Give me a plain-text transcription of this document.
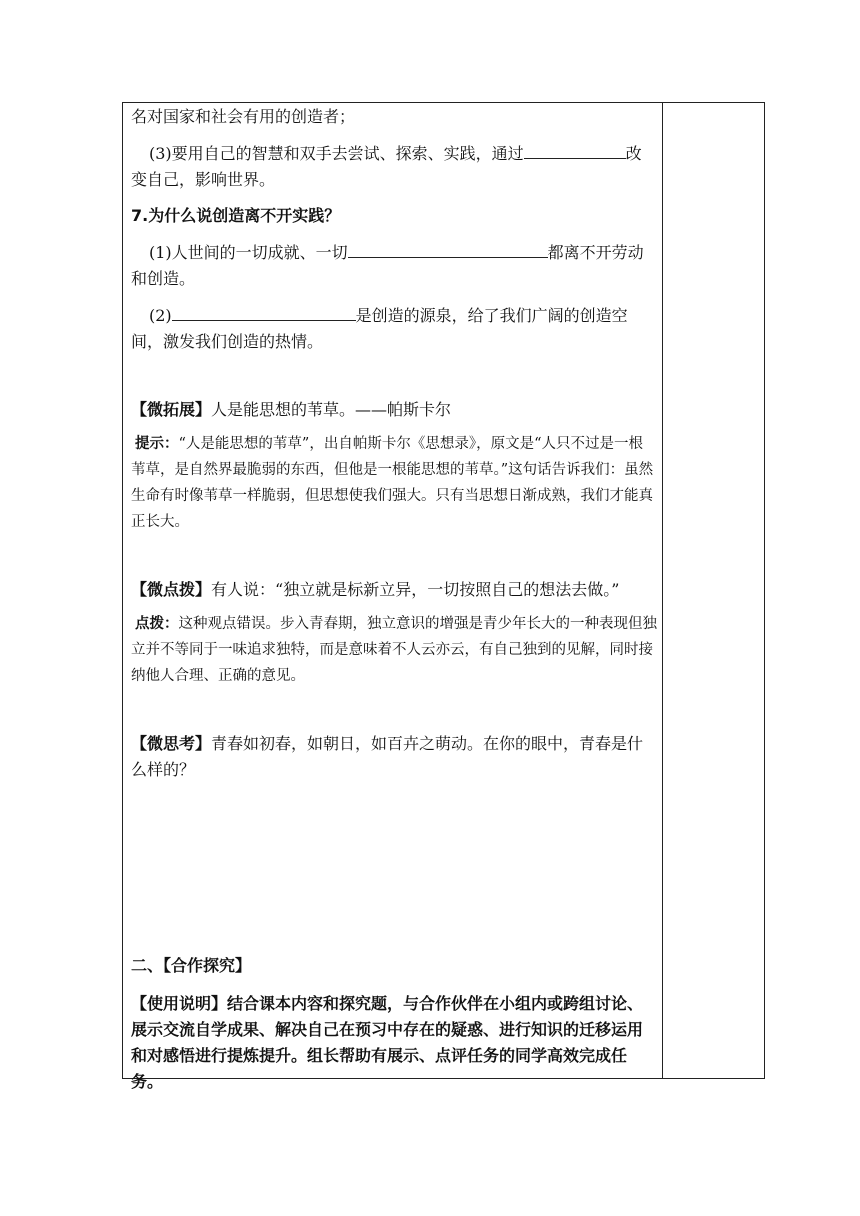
名对国家和社会有用的创造者；

(3)要用自己的智慧和双手去尝试、探索、实践，通过	改变自己，影响世界。

7.为什么说创造离不开实践？

(1)人世间的一切成就、一切	都离不开劳动和创造。

(2)	是创造的源泉，给了我们广阔的创造空间，激发我们创造的热情。

【微拓展】人是能思想的苇草。——帕斯卡尔

提示：“人是能思想的苇草”，出自帕斯卡尔《思想录》，原文是“人只不过是一根苇草，是自然界最脆弱的东西，但他是一根能思想的苇草。”这句话告诉我们：虽然生命有时像苇草一样脆弱，但思想使我们强大。只有当思想日渐成熟，我们才能真正长大。

【微点拨】有人说：“独立就是标新立异，一切按照自己的想法去做。”

点拨：这种观点错误。步入青春期，独立意识的增强是青少年长大的一种表现但独立并不等同于一味追求独特，而是意味着不人云亦云，有自己独到的见解，同时接纳他人合理、正确的意见。

【微思考】青春如初春，如朝日，如百卉之萌动。在你的眼中，青春是什么样的？

二、【合作探究】

【使用说明】结合课本内容和探究题，与合作伙伴在小组内或跨组讨论、展示交流自学成果、解决自己在预习中存在的疑惑、进行知识的迁移运用和对感悟进行提炼提升。组长帮助有展示、点评任务的同学高效完成任务。
